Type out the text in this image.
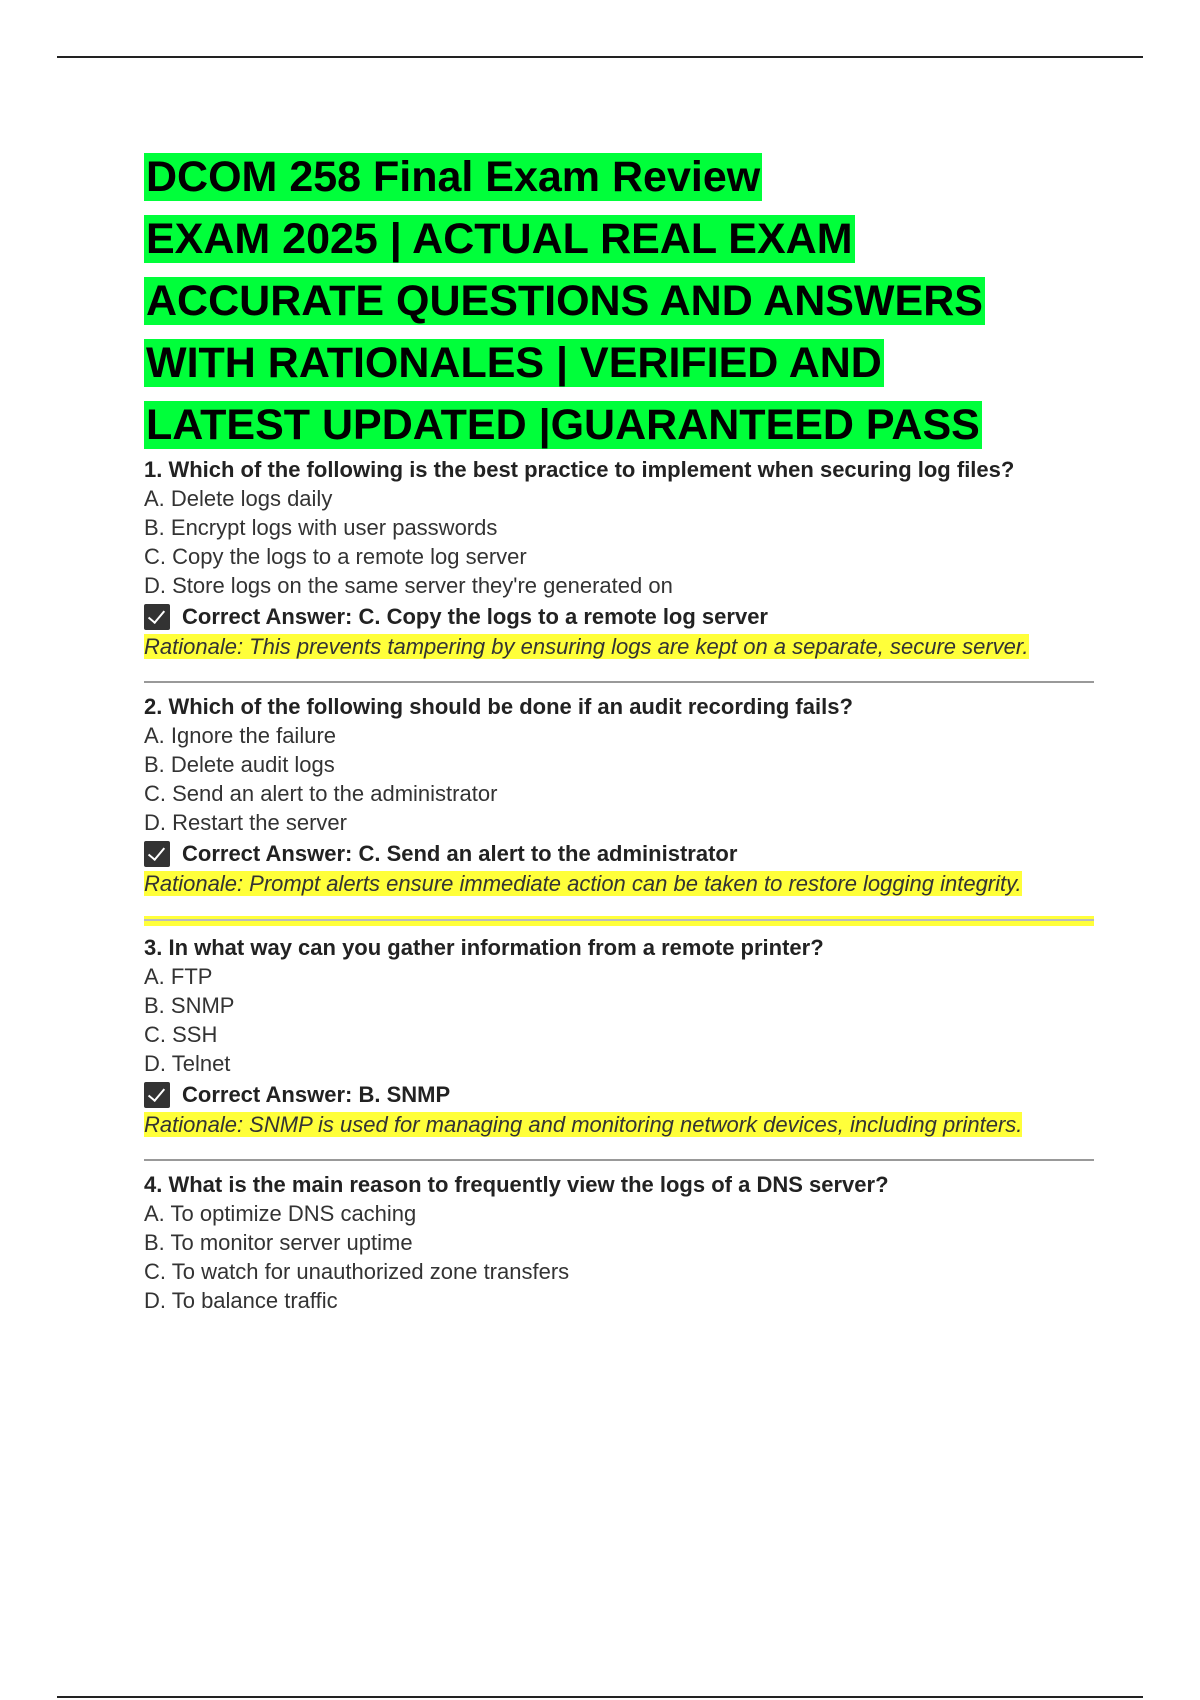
DCOM 258 Final Exam Review
EXAM 2025 | ACTUAL REAL EXAM
ACCURATE QUESTIONS AND ANSWERS
WITH RATIONALES | VERIFIED AND
LATEST UPDATED |GUARANTEED PASS

1. Which of the following is the best practice to implement when securing log files?

A. Delete logs daily
B. Encrypt logs with user passwords
C. Copy the logs to a remote log server
D. Store logs on the same server they're generated on
Correct Answer: C. Copy the logs to a remote log server

Rationale: This prevents tampering by ensuring logs are kept on a separate, secure server.

2. Which of the following should be done if an audit recording fails?

A. Ignore the failure
B. Delete audit logs
C. Send an alert to the administrator
D. Restart the server
Correct Answer: C. Send an alert to the administrator

Rationale: Prompt alerts ensure immediate action can be taken to restore logging integrity.

3. In what way can you gather information from a remote printer?

A. FTP
B. SNMP
C. SSH
D. Telnet
Correct Answer: B. SNMP

Rationale: SNMP is used for managing and monitoring network devices, including printers.

4. What is the main reason to frequently view the logs of a DNS server?

A. To optimize DNS caching
B. To monitor server uptime
C. To watch for unauthorized zone transfers
D. To balance traffic
